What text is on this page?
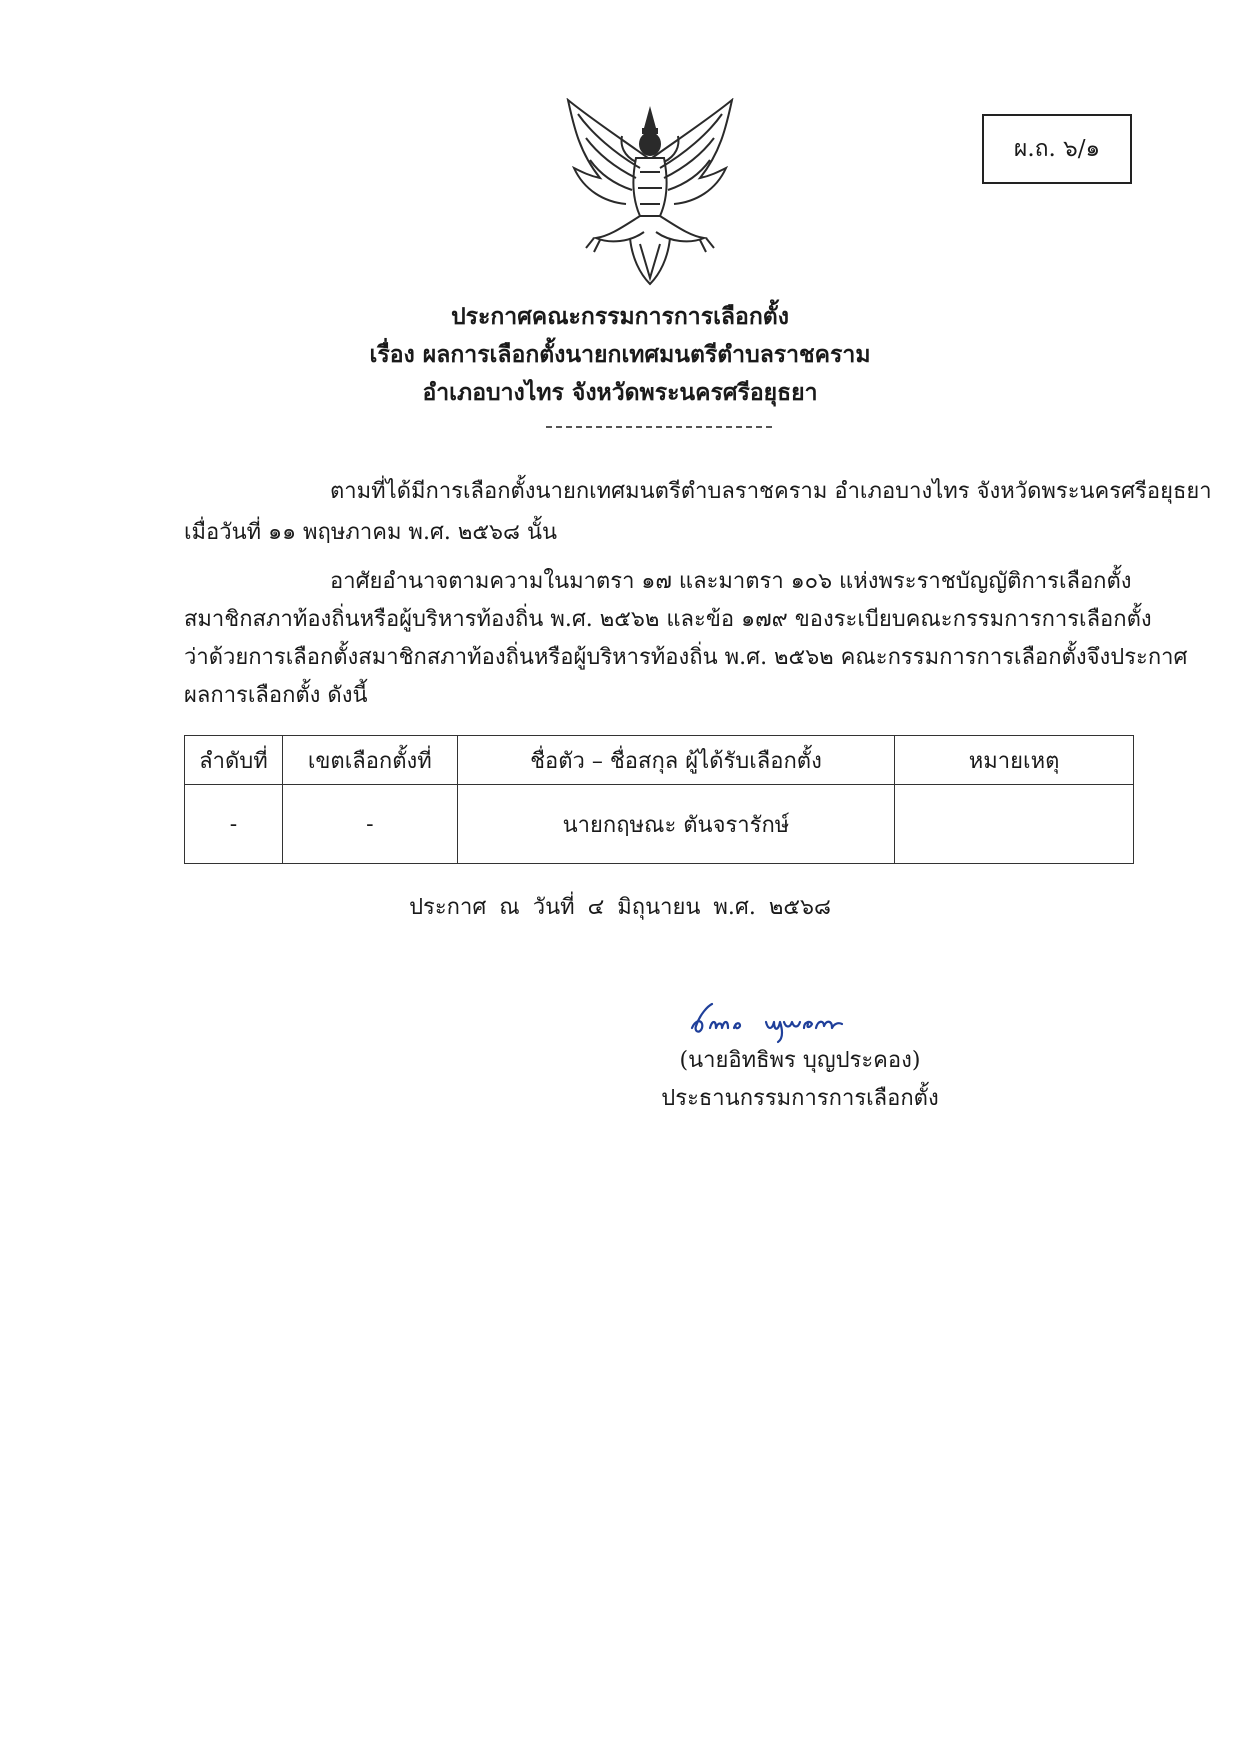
ผ.ถ. ๖/๑
ประกาศคณะกรรมการการเลือกตั้ง
เรื่อง ผลการเลือกตั้งนายกเทศมนตรีตำบลราชคราม
อำเภอบางไทร จังหวัดพระนครศรีอยุธยา
ตามที่ได้มีการเลือกตั้งนายกเทศมนตรีตำบลราชคราม อำเภอบางไทร จังหวัดพระนครศรีอยุธยา
เมื่อวันที่ ๑๑ พฤษภาคม พ.ศ. ๒๕๖๘ นั้น
อาศัยอำนาจตามความในมาตรา ๑๗ และมาตรา ๑๐๖ แห่งพระราชบัญญัติการเลือกตั้ง
สมาชิกสภาท้องถิ่นหรือผู้บริหารท้องถิ่น พ.ศ. ๒๕๖๒ และข้อ ๑๗๙ ของระเบียบคณะกรรมการการเลือกตั้ง
ว่าด้วยการเลือกตั้งสมาชิกสภาท้องถิ่นหรือผู้บริหารท้องถิ่น พ.ศ. ๒๕๖๒ คณะกรรมการการเลือกตั้งจึงประกาศ
ผลการเลือกตั้ง ดังนี้
ลำดับที่	เขตเลือกตั้งที่	ชื่อตัว – ชื่อสกุล ผู้ได้รับเลือกตั้ง	หมายเหตุ
-	-	นายกฤษณะ ตันจรารักษ์	
ประกาศ ณ วันที่ ๔ มิถุนายน พ.ศ. ๒๕๖๘
(นายอิทธิพร บุญประคอง)
ประธานกรรมการการเลือกตั้ง
